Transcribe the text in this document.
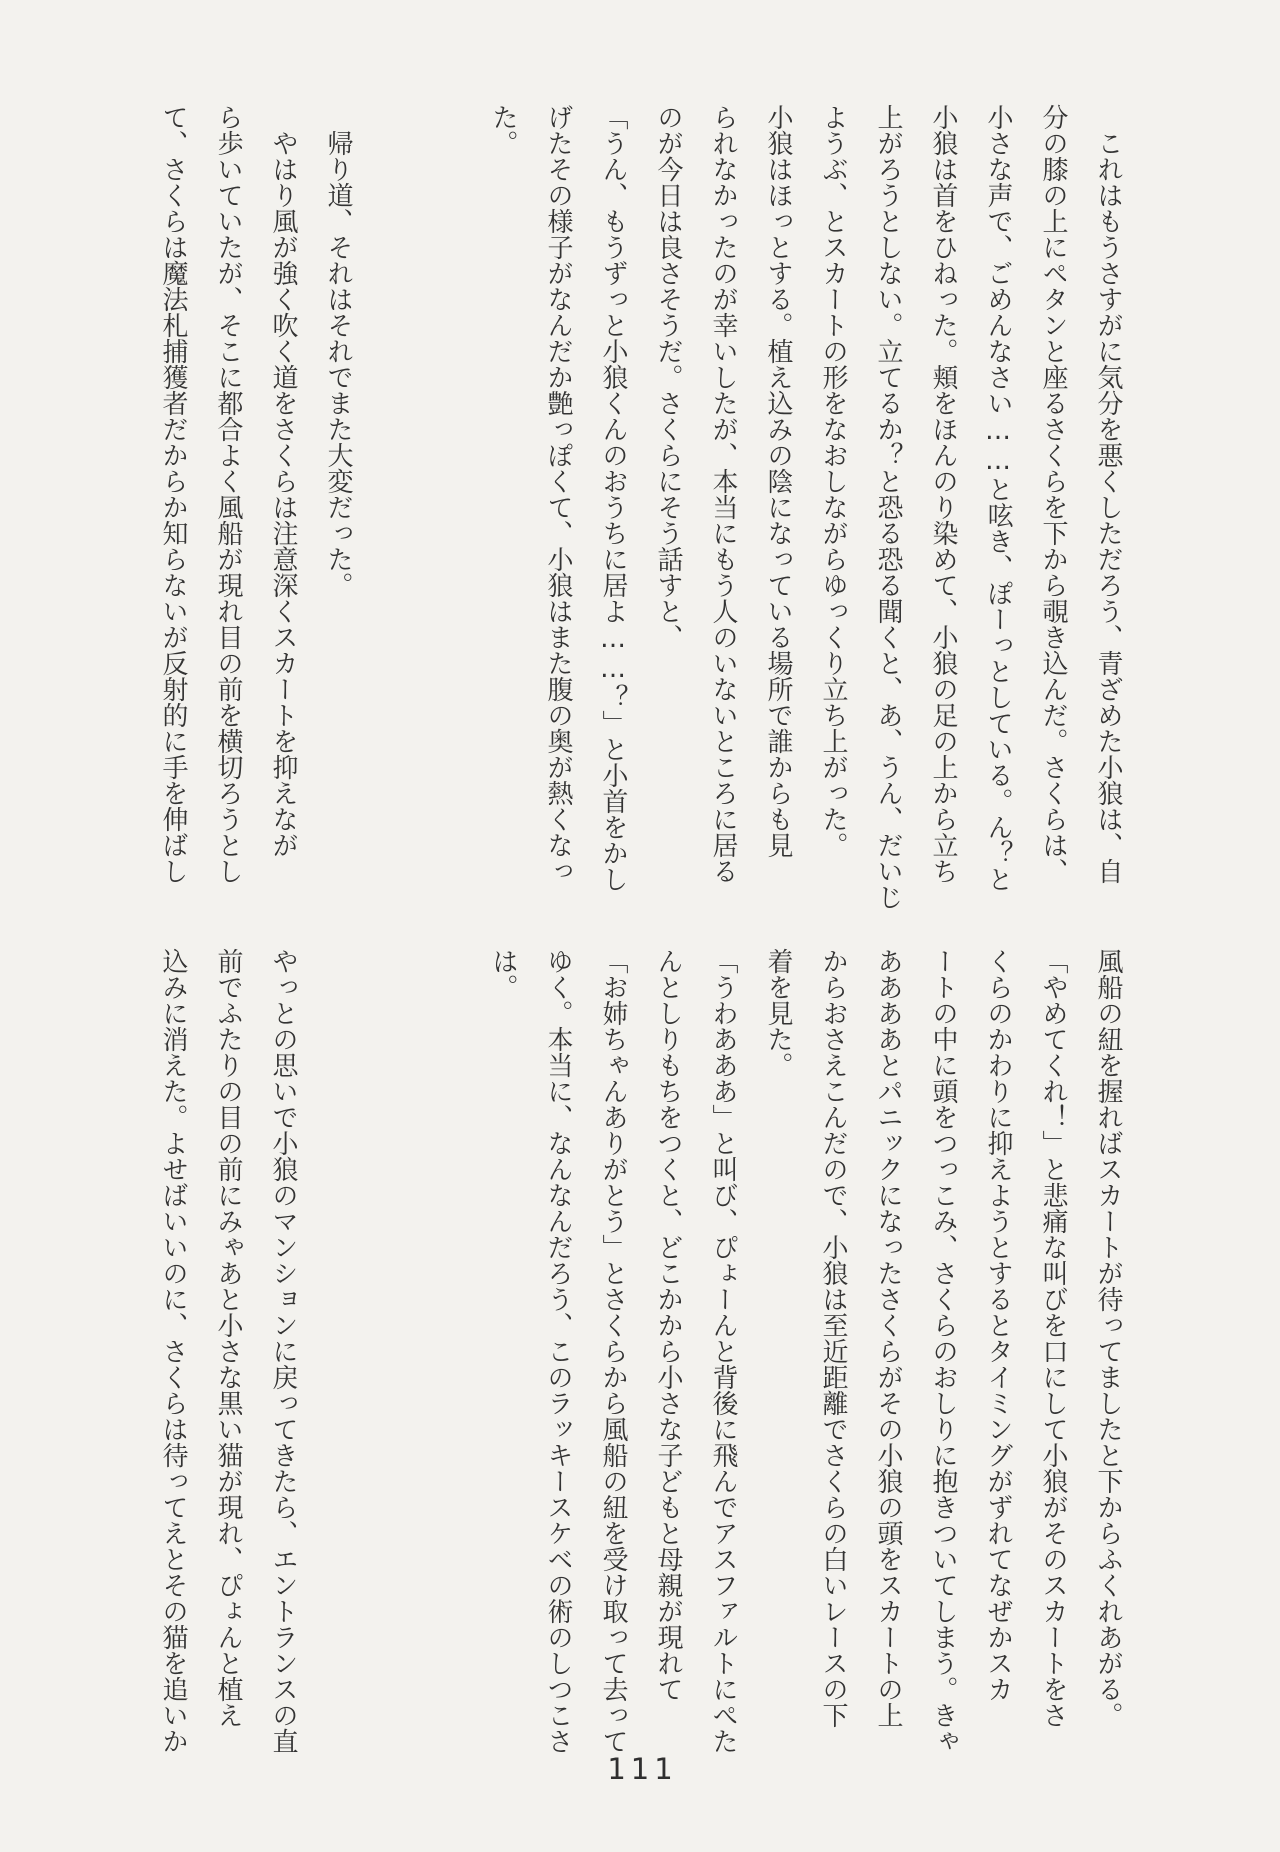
　これはもうさすがに気分を悪くしただろう、青ざめた小狼は、自

分の膝の上にペタンと座るさくらを下から覗き込んだ。さくらは、

小さな声で、ごめんなさい……と呟き、ぽーっとしている。ん？と

小狼は首をひねった。頬をほんのり染めて、小狼の足の上から立ち

上がろうとしない。立てるか？と恐る恐る聞くと、あ、うん、だいじ

ようぶ、とスカートの形をなおしながらゆっくり立ち上がった。

小狼はほっとする。植え込みの陰になっている場所で誰からも見

られなかったのが幸いしたが、本当にもう人のいないところに居る

のが今日は良さそうだ。さくらにそう話すと、

「うん、もうずっと小狼くんのおうちに居よ……？」と小首をかし

げたその様子がなんだか艶っぽくて、小狼はまた腹の奥が熱くなっ

た。

　帰り道、それはそれでまた大変だった。

　やはり風が強く吹く道をさくらは注意深くスカートを抑えなが

ら歩いていたが、そこに都合よく風船が現れ目の前を横切ろうとし

て、さくらは魔法札捕獲者だからか知らないが反射的に手を伸ばし

風船の紐を握ればスカートが待ってましたと下からふくれあがる。

「やめてくれ！」と悲痛な叫びを口にして小狼がそのスカートをさ

くらのかわりに抑えようとするとタイミングがずれてなぜかスカ

ートの中に頭をつっこみ、さくらのおしりに抱きついてしまう。きゃ

ああああとパニックになったさくらがその小狼の頭をスカートの上

からおさえこんだので、小狼は至近距離でさくらの白いレースの下

着を見た。

「うわあああ」と叫び、ぴょーんと背後に飛んでアスファルトにぺた

んとしりもちをつくと、どこかから小さな子どもと母親が現れて

「お姉ちゃんありがとう」とさくらから風船の紐を受け取って去って

ゆく。本当に、なんなんだろう、このラッキースケベの術のしつこさ

は。

やっとの思いで小狼のマンションに戻ってきたら、エントランスの直

前でふたりの目の前にみゃあと小さな黒い猫が現れ、ぴょんと植え

込みに消えた。よせばいいのに、さくらは待ってえとその猫を追いか

111
